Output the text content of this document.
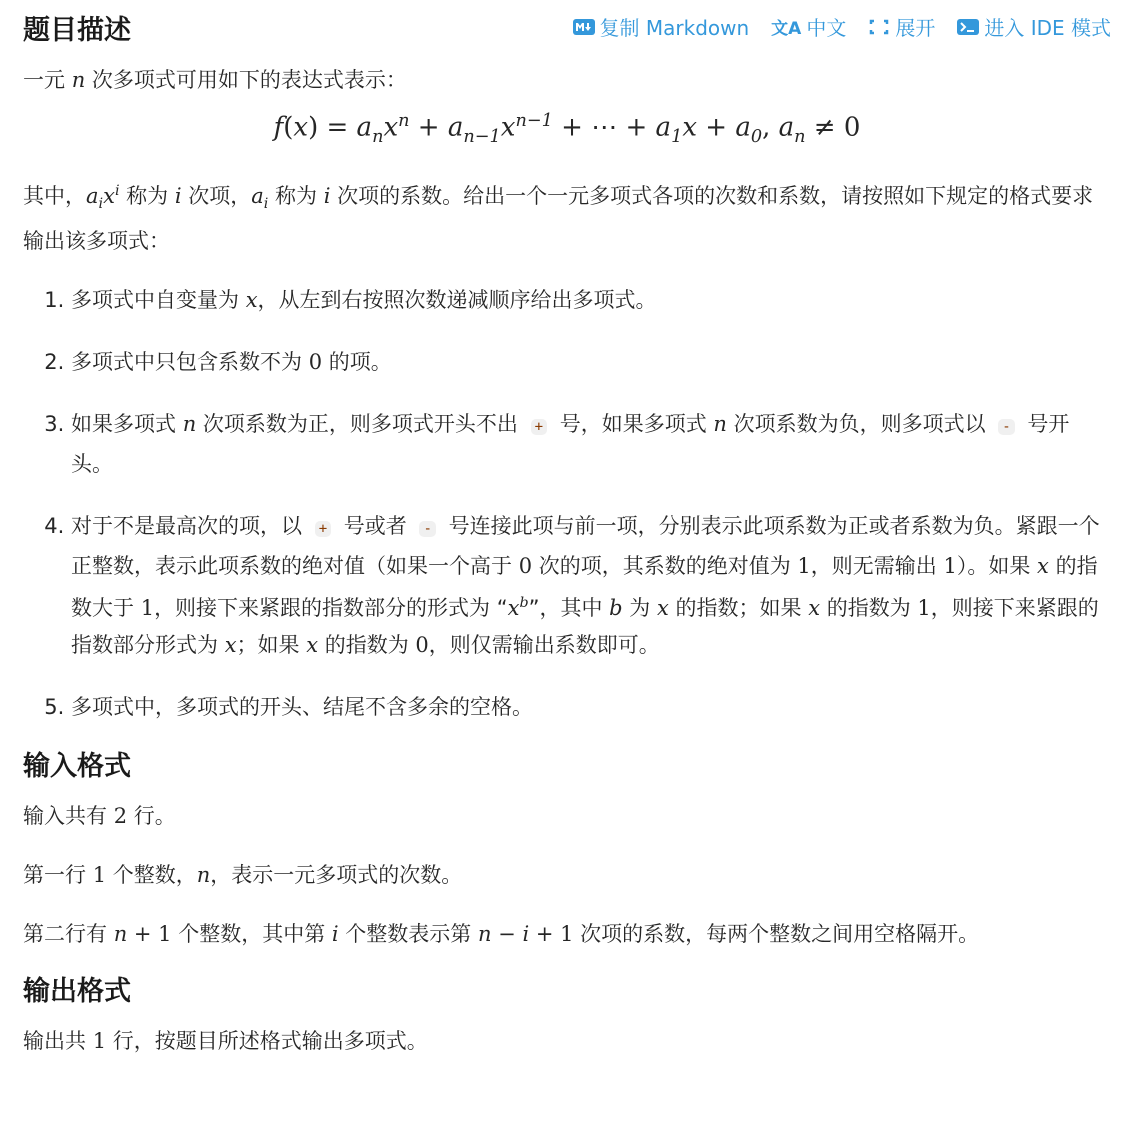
复制 Markdown 文A 中文 展开 进入 IDE 模式
题目描述

一元 n 次多项式可用如下的表达式表示：

$f(x) = a_nx^n + a_{n-1}x^{n-1}$ + ⋯ + $a_1x + a_0$, $a_n \ne 0$

其中，$a_ix^i$ 称为 i 次项，$a_i$ 称为 i 次项的系数。给出一个一元多项式各项的次数和系数，请按照如下规定的格式要求输出该多项式：

1. 多项式中自变量为 x，从左到右按照次数递减顺序给出多项式。
2. 多项式中只包含系数不为 0 的项。
3. 如果多项式 n 次项系数为正，则多项式开头不出 + 号，如果多项式 n 次项系数为负，则多项式以 - 号开头。
4. 对于不是最高次的项，以 + 号或者 - 号连接此项与前一项，分别表示此项系数为正或者系数为负。紧跟一个正整数，表示此项系数的绝对值（如果一个高于 0 次的项，其系数的绝对值为 1，则无需输出 1）。如果 x 的指数大于 1，则接下来紧跟的指数部分的形式为 “$x^b$”，其中 b 为 x 的指数；如果 x 的指数为 1，则接下来紧跟的指数部分形式为 x；如果 x 的指数为 0，则仅需输出系数即可。
5. 多项式中，多项式的开头、结尾不含多余的空格。
输入格式

输入共有 2 行。

第一行 1 个整数，n，表示一元多项式的次数。

第二行有 n + 1 个整数，其中第 i 个整数表示第 n − i + 1 次项的系数，每两个整数之间用空格隔开。

输出格式

输出共 1 行，按题目所述格式输出多项式。
